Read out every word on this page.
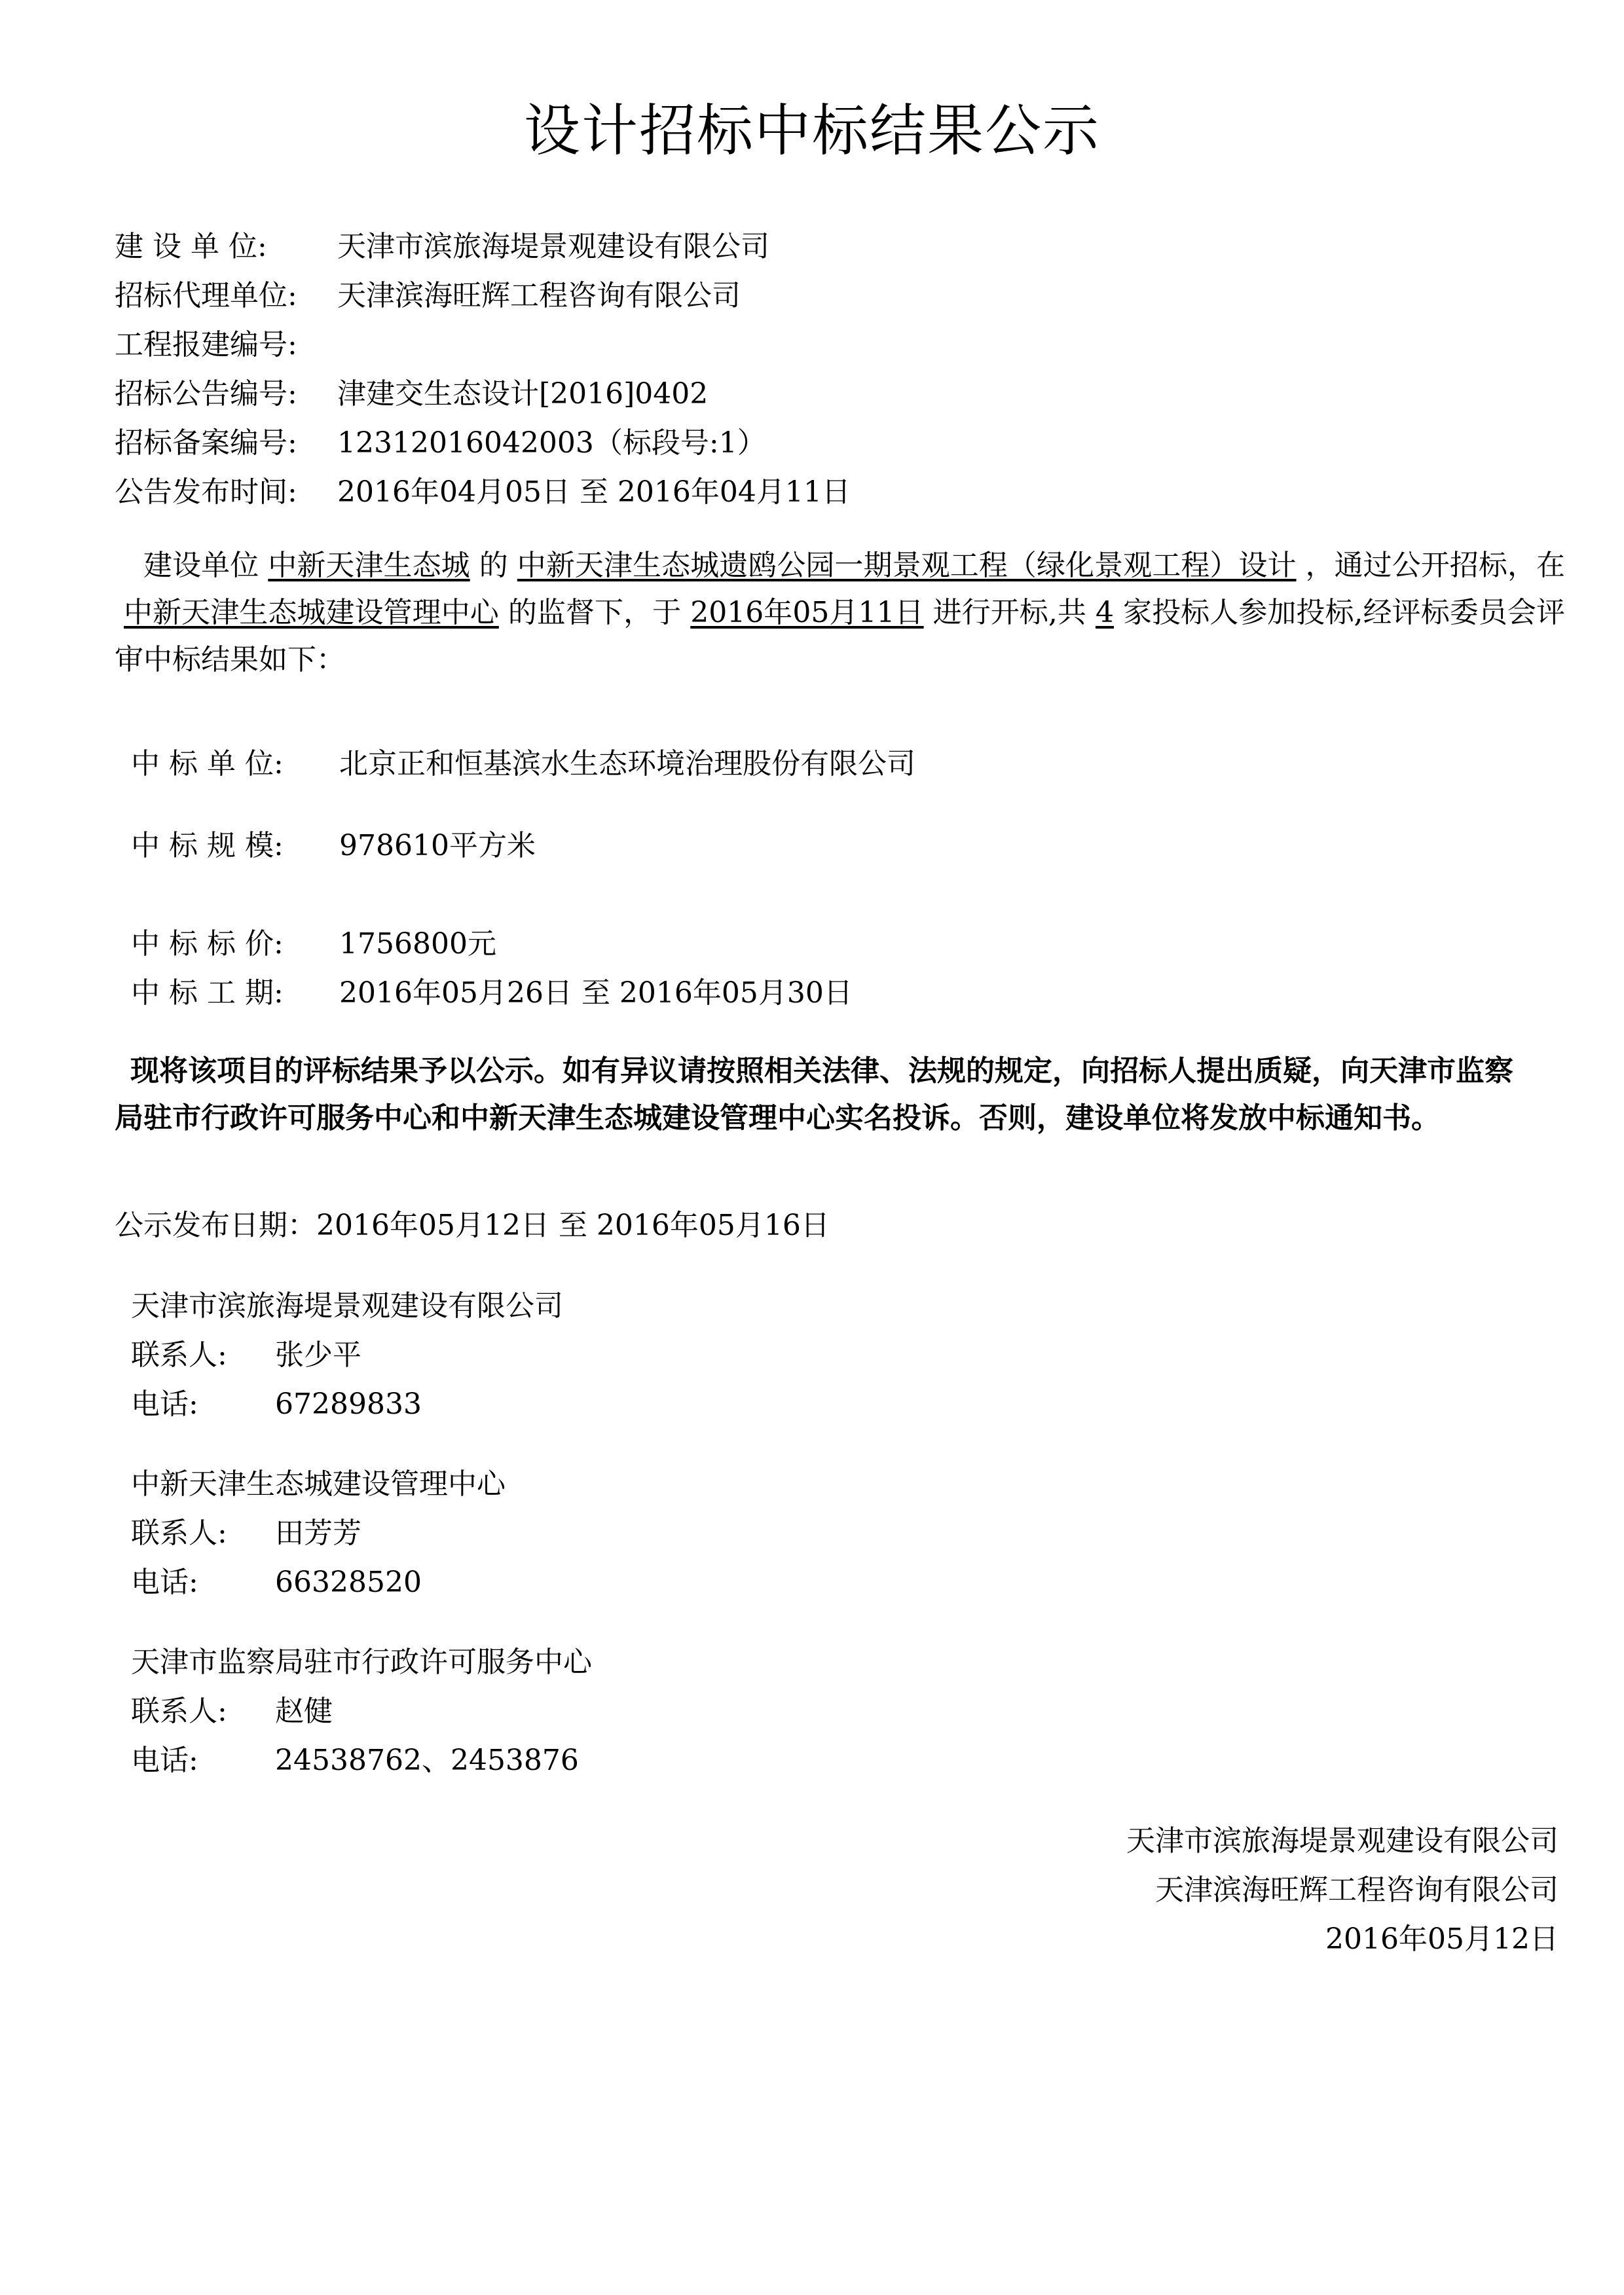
设计招标中标结果公示
建 设 单 位: 天津市滨旅海堤景观建设有限公司
招标代理单位: 天津滨海旺辉工程咨询有限公司
工程报建编号:
招标公告编号: 津建交生态设计[2016]0402
招标备案编号: 12312016042003（标段号:1）
公告发布时间: 2016年04月05日 至 2016年04月11日
建设单位 中新天津生态城 的 中新天津生态城遗鸥公园一期景观工程（绿化景观工程）设计 ，通过公开招标，在中新天津生态城建设管理中心 的监督下，于 2016年05月11日 进行开标,共 4 家投标人参加投标,经评标委员会评审中标结果如下：
中 标 单 位: 北京正和恒基滨水生态环境治理股份有限公司
中 标 规 模: 978610平方米
中 标 标 价: 1756800元
中 标 工 期: 2016年05月26日 至 2016年05月30日
现将该项目的评标结果予以公示。如有异议请按照相关法律、法规的规定，向招标人提出质疑，向天津市监察局驻市行政许可服务中心和中新天津生态城建设管理中心实名投诉。否则，建设单位将发放中标通知书。
公示发布日期：2016年05月12日 至 2016年05月16日
天津市滨旅海堤景观建设有限公司
联系人: 张少平
电话:	67289833
中新天津生态城建设管理中心
联系人: 田芳芳
电话:	66328520
天津市监察局驻市行政许可服务中心
联系人: 赵健
电话:	24538762、2453876
天津市滨旅海堤景观建设有限公司
天津滨海旺辉工程咨询有限公司
2016年05月12日
